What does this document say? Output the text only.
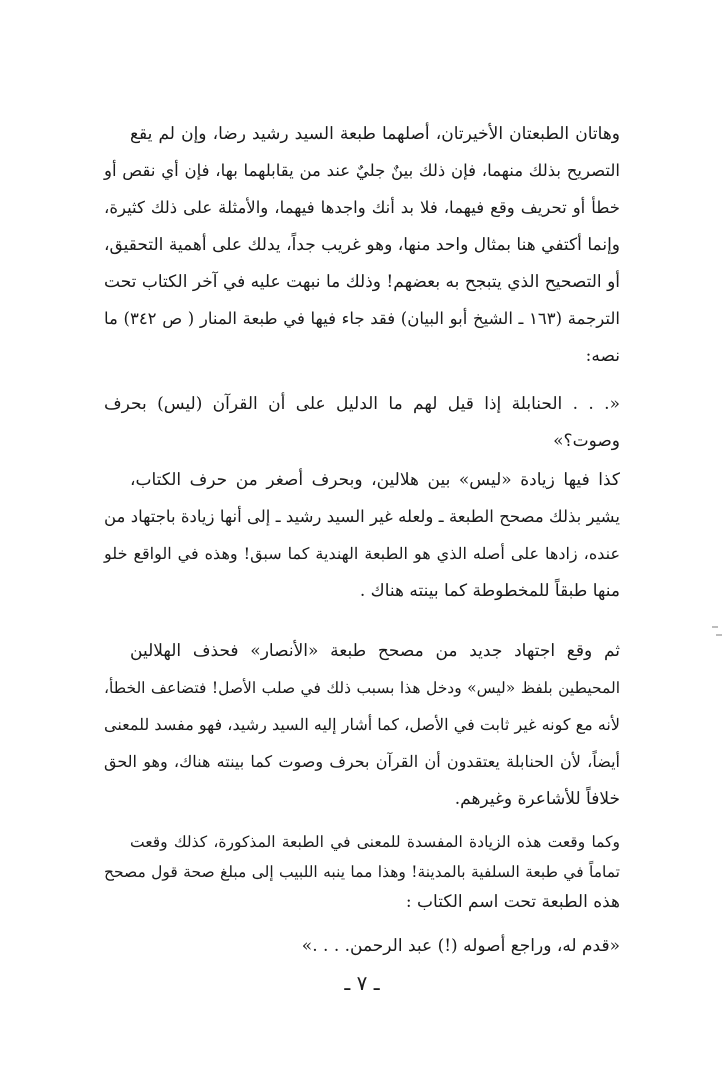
وهاتان الطبعتان الأخيرتان، أصلهما طبعة السيد رشيد رضا، وإن لم يقع
التصريح بذلك منهما، فإن ذلك بينٌ جليٌ عند من يقابلهما بها، فإن أي نقص أو
خطأ أو تحريف وقع فيهما، فلا بد أنك واجدها فيهما، والأمثلة على ذلك كثيرة،
وإنما أكتفي هنا بمثال واحد منها، وهو غريب جداً، يدلك على أهمية التحقيق،
أو التصحيح الذي يتبجح به بعضهم! وذلك ما نبهت عليه في آخر الكتاب تحت
الترجمة (١٦٣ ـ الشيخ أبو البيان) فقد جاء فيها في طبعة المنار ( ص ٣٤٢) ما
نصه:
«. . . الحنابلة إذا قيل لهم ما الدليل على أن القرآن (ليس) بحرف
وصوت؟»
كذا فيها زيادة «ليس» بين هلالين، وبحرف أصغر من حرف الكتاب،
يشير بذلك مصحح الطبعة ـ ولعله غير السيد رشيد ـ إلى أنها زيادة باجتهاد من
عنده، زادها على أصله الذي هو الطبعة الهندية كما سبق! وهذه في الواقع خلو
منها طبقاً للمخطوطة كما بينته هناك .
ثم وقع اجتهاد جديد من مصحح طبعة «الأنصار» فحذف الهلالين
المحيطين بلفظ «ليس» ودخل هذا بسبب ذلك في صلب الأصل! فتضاعف الخطأ،
لأنه مع كونه غير ثابت في الأصل، كما أشار إليه السيد رشيد، فهو مفسد للمعنى
أيضاً، لأن الحنابلة يعتقدون أن القرآن بحرف وصوت كما بينته هناك، وهو الحق
خلافاً للأشاعرة وغيرهم.
وكما وقعت هذه الزيادة المفسدة للمعنى في الطبعة المذكورة، كذلك وقعت
تماماً في طبعة السلفية بالمدينة! وهذا مما ينبه اللبيب إلى مبلغ صحة قول مصحح
هذه الطبعة تحت اسم الكتاب :
«قدم له، وراجع أصوله (!) عبد الرحمن. . . .»
ـ ٧ ـ
